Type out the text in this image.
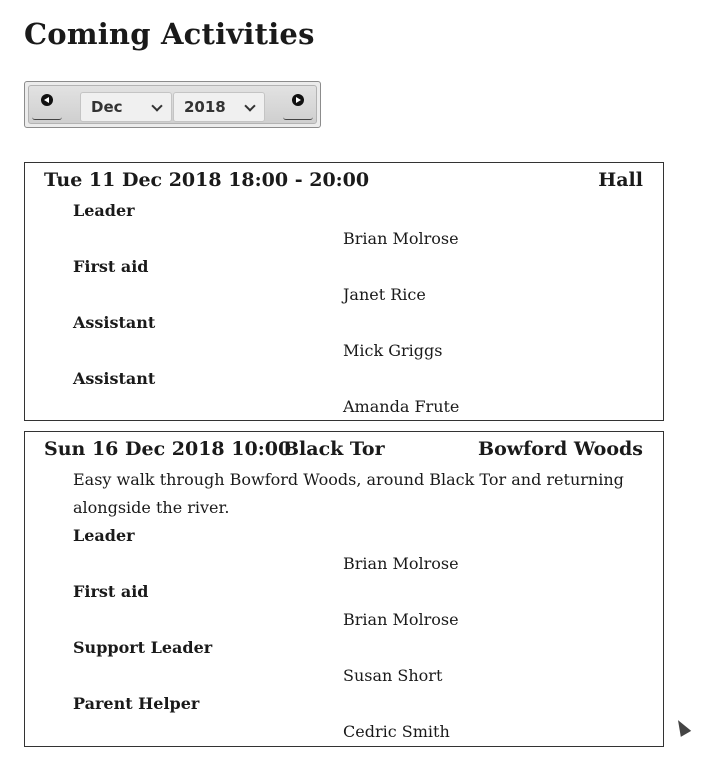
Coming Activities
Dec	2018
Tue 11 Dec 2018 18:00 - 20:00	Hall
Leader
Brian Molrose
First aid
Janet Rice
Assistant
Mick Griggs
Assistant
Amanda Frute
Sun 16 Dec 2018 10:00
Black Tor	Bowford Woods
Easy walk through Bowford Woods, around Black Tor and returning alongside the river.
Leader
Brian Molrose
First aid
Brian Molrose
Support Leader
Susan Short
Parent Helper
Cedric Smith
